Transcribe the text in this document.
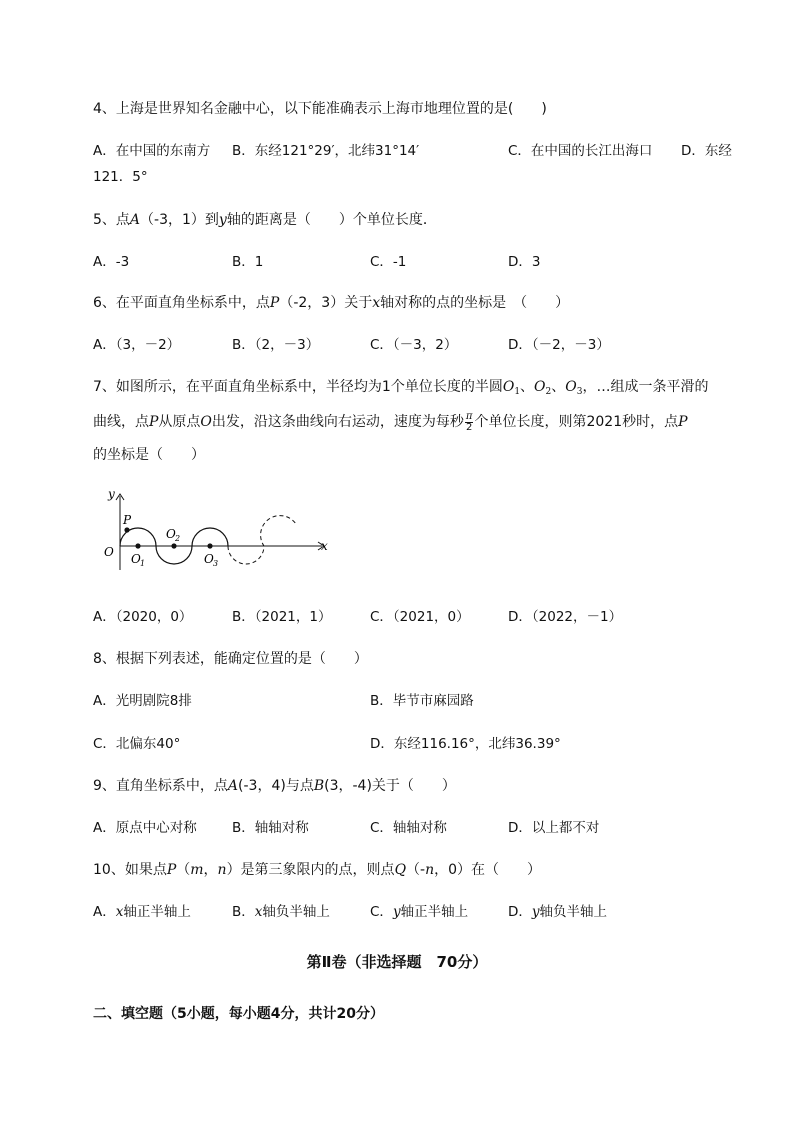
4、上海是世界知名金融中心，以下能准确表示上海市地理位置的是(　　)
A．在中国的东南方 B．东经121°29′，北纬31°14′	C．在中国的长江出海口 D．东经
121．5°
5、点A（-3，1）到y轴的距离是（　　）个单位长度．
A．-3	B．1	C．-1	D．3
6、在平面直角坐标系中，点P（-2，3）关于x轴对称的点的坐标是　（　　）
A．（3，－2）	B．（2，－3）	C．（－3，2）	D．（－2，－3）
7、如图所示，在平面直角坐标系中，半径均为1个单位长度的半圆$O_1$、$O_2$、$O_3$，…组成一条平滑的
曲线，点P从原点O出发，沿这条曲线向右运动，速度为每秒 $\frac{\pi}{2}$ 个单位长度，则第2021秒时，点P
的坐标是（　　）
y
x
O
P
O 1
O 2
O 3
A．（2020，0）	B．（2021，1）	C．（2021，0）	D．（2022，－1）
8、根据下列表述，能确定位置的是（　　）
A．光明剧院8排	B．毕节市麻园路
C．北偏东40°	D．东经116.16°，北纬36.39°
9、直角坐标系中，点A(-3，4)与点B(3，-4)关于（　　）
A．原点中心对称	B．轴轴对称	C．轴轴对称	D．以上都不对
10、如果点P（m，n）是第三象限内的点，则点Q（-n，0）在（　　）
A．x轴正半轴上	B．x轴负半轴上	C．y轴正半轴上	D．y轴负半轴上
第Ⅱ卷（非选择题　70分）
二、填空题（5小题，每小题4分，共计20分）
